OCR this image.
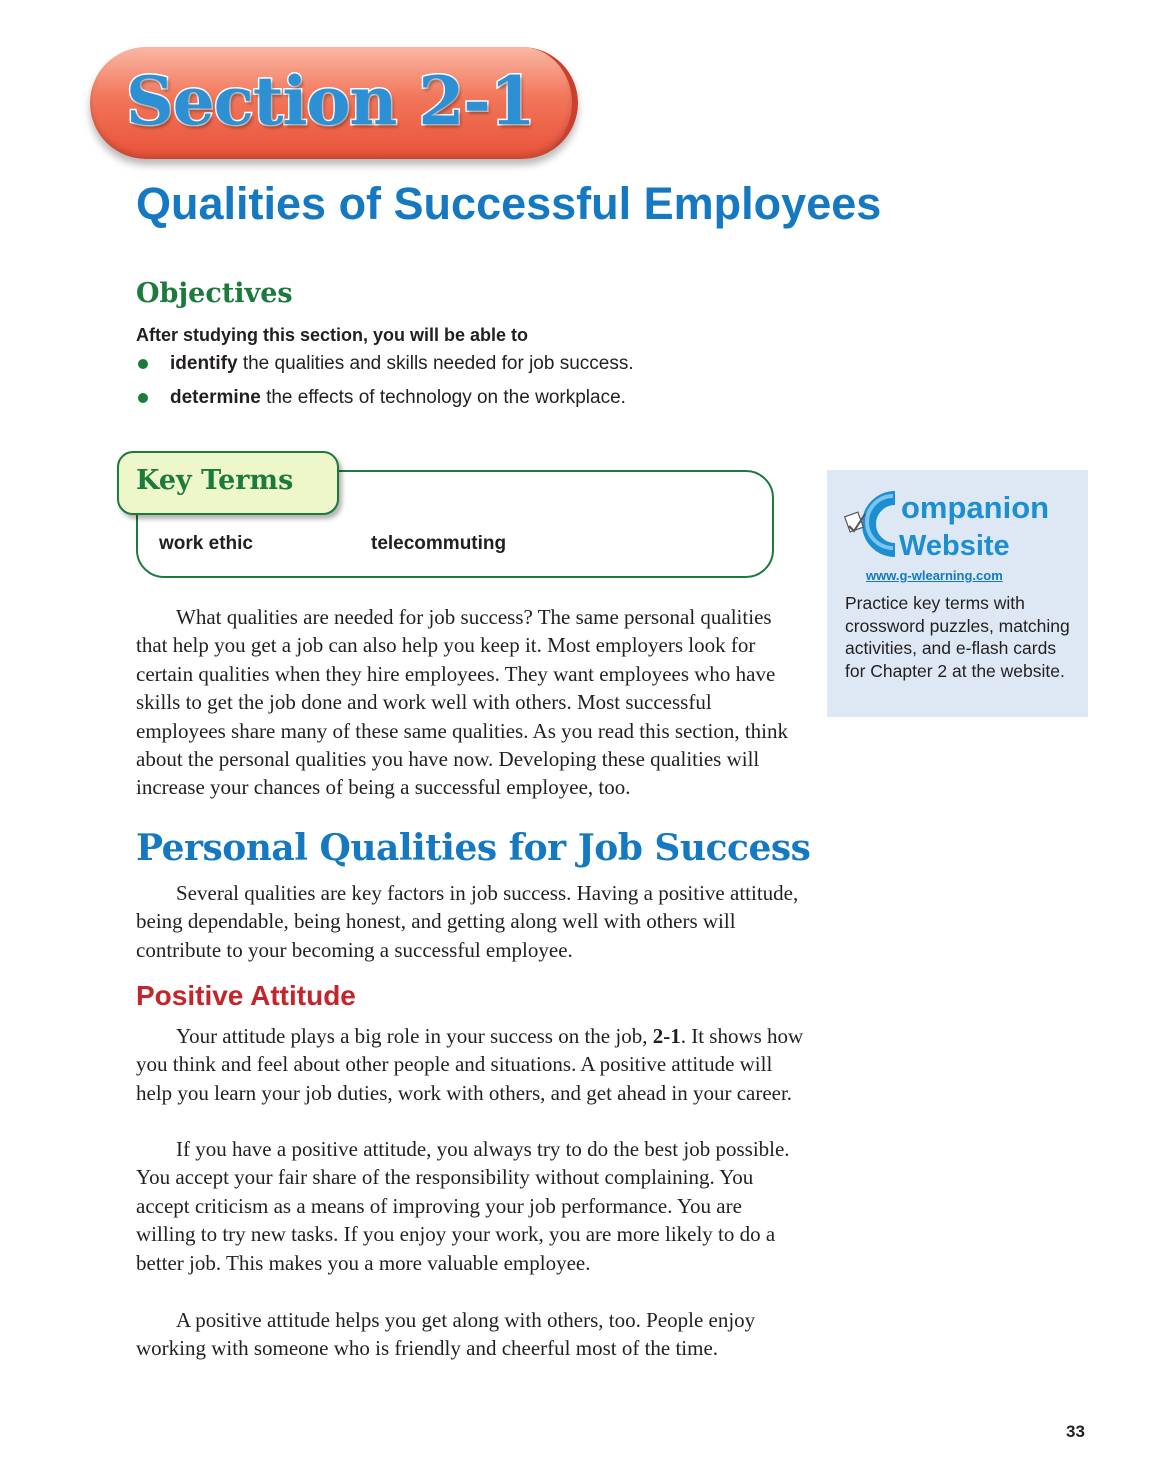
Section 2-1
Qualities of Successful Employees
Objectives
After studying this section, you will be able to
identify the qualities and skills needed for job success.
determine the effects of technology on the workplace.
Key Terms
work ethic	telecommuting
ompanion
Website
www.g-wlearning.com
Practice key terms with crossword puzzles, matching activities, and e-flash cards for Chapter 2 at the website.

What qualities are needed for job success? The same personal qualities that help you get a job can also help you keep it. Most employers look for certain qualities when they hire employees. They want employees who have skills to get the job done and work well with others. Most successful employees share many of these same qualities. As you read this section, think about the personal qualities you have now. Developing these qualities will increase your chances of being a successful employee, too.

Personal Qualities for Job Success

Several qualities are key factors in job success. Having a positive attitude, being dependable, being honest, and getting along well with others will contribute to your becoming a successful employee.

Positive Attitude

Your attitude plays a big role in your success on the job, 2-1. It shows how you think and feel about other people and situations. A positive attitude will help you learn your job duties, work with others, and get ahead in your career.

If you have a positive attitude, you always try to do the best job possible. You accept your fair share of the responsibility without complaining. You accept criticism as a means of improving your job performance. You are willing to try new tasks. If you enjoy your work, you are more likely to do a better job. This makes you a more valuable employee.

A positive attitude helps you get along with others, too. People enjoy working with someone who is friendly and cheerful most of the time.

33
